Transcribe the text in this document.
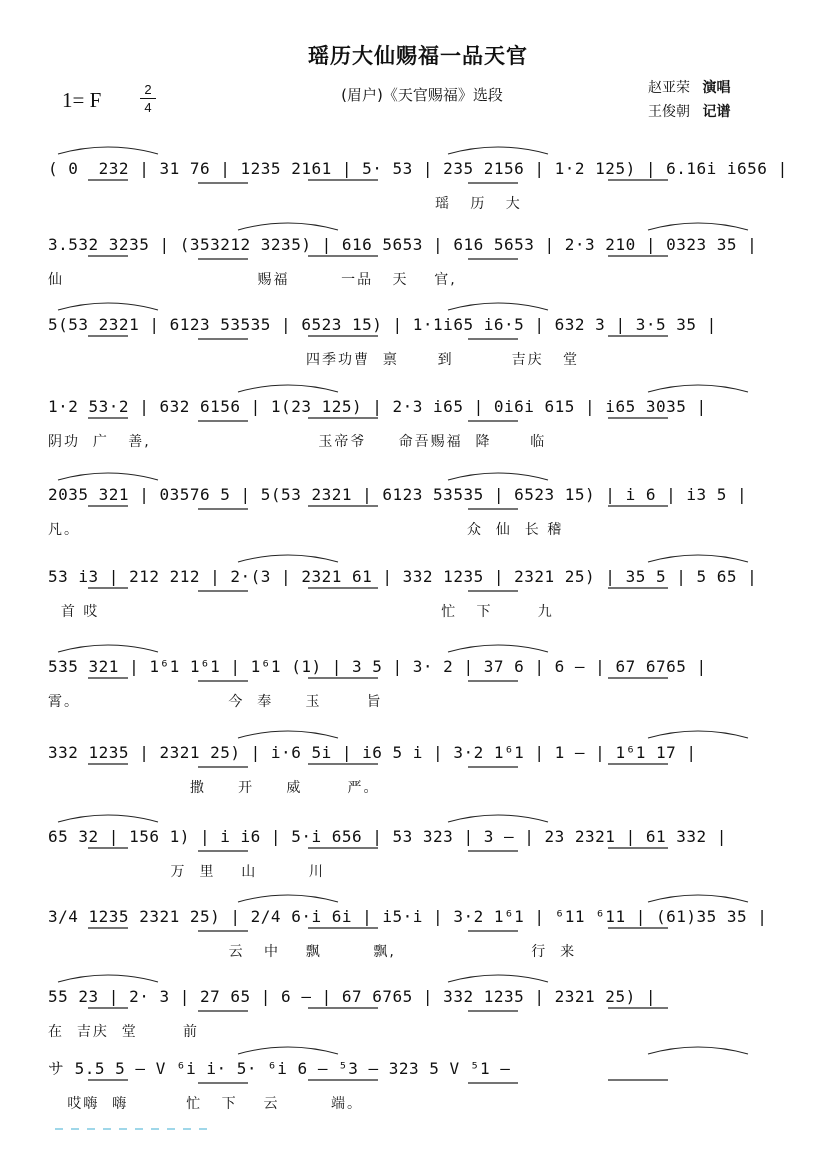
瑶历大仙赐福一品天官
(眉户)《天官赐福》选段
1= F	2
4
赵亚荣 演唱
王俊朝 记谱
( 0  232 | 31 76 | 1235 2161 | 5· 53 | 235 2156 | 1·2 125) | 6.16i i656 |
瑶   历   大
3.532 3235 | (353212 3235) | 616 5653 | 616 5653 | 2·3 210 | 0323 35 |
仙                              赐福        一品   天    官,
5(53 2321 | 6123 53535 | 6523 15) | 1·1i65 i6·5 | 632 3 | 3·5 35 |
四季功曹  禀      到         吉庆   堂
1·2 53·2 | 632 6156 | 1(23 125) | 2·3 i65 | 0i6i 615 | i65 3035 |
阴功  广   善,                          玉帝爷     命吾赐福  降      临
2035 321 | 03576 5 | 5(53 2321 | 6123 53535 | 6523 15) | i 6 | i3 5 |
凡。                                                            众  仙  长 稽
53 i3 | 212 212 | 2·(3 | 2321 61 | 332 1235 | 2321 25) | 35 5 | 5 65 |
首 哎                                                     忙   下       九
535 321 | 1⁶1 1⁶1 | 1⁶1 (1) | 3 5 | 3· 2 | 37 6 | 6 — | 67 6765 |
霄。                       今  奉     玉       旨
332 1235 | 2321 25) | i·6 5i | i6 5 i | 3·2 1⁶1 | 1 — | 1⁶1 17 |
撒     开     威       严。
65 32 | 156 1) | i i6 | 5·i 656 | 53 323 | 3 — | 23 2321 | 61 332 |
万  里    山        川
3/4 1235 2321 25) | 2/4 6·i 6i | i5·i | 3·2 1⁶1 | ⁶11 ⁶11 | (61)35 35 |
云   中    飘        飘,                     行  来
55 23 | 2· 3 | 27 65 | 6 — | 67 6765 | 332 1235 | 2321 25) |
在  吉庆  堂       前
サ 5.5 5 — V ⁶i i· 5· ⁶i 6 — ⁵3 — 323 5 V ⁵1 —
哎嗨  嗨         忙   下    云        端。
